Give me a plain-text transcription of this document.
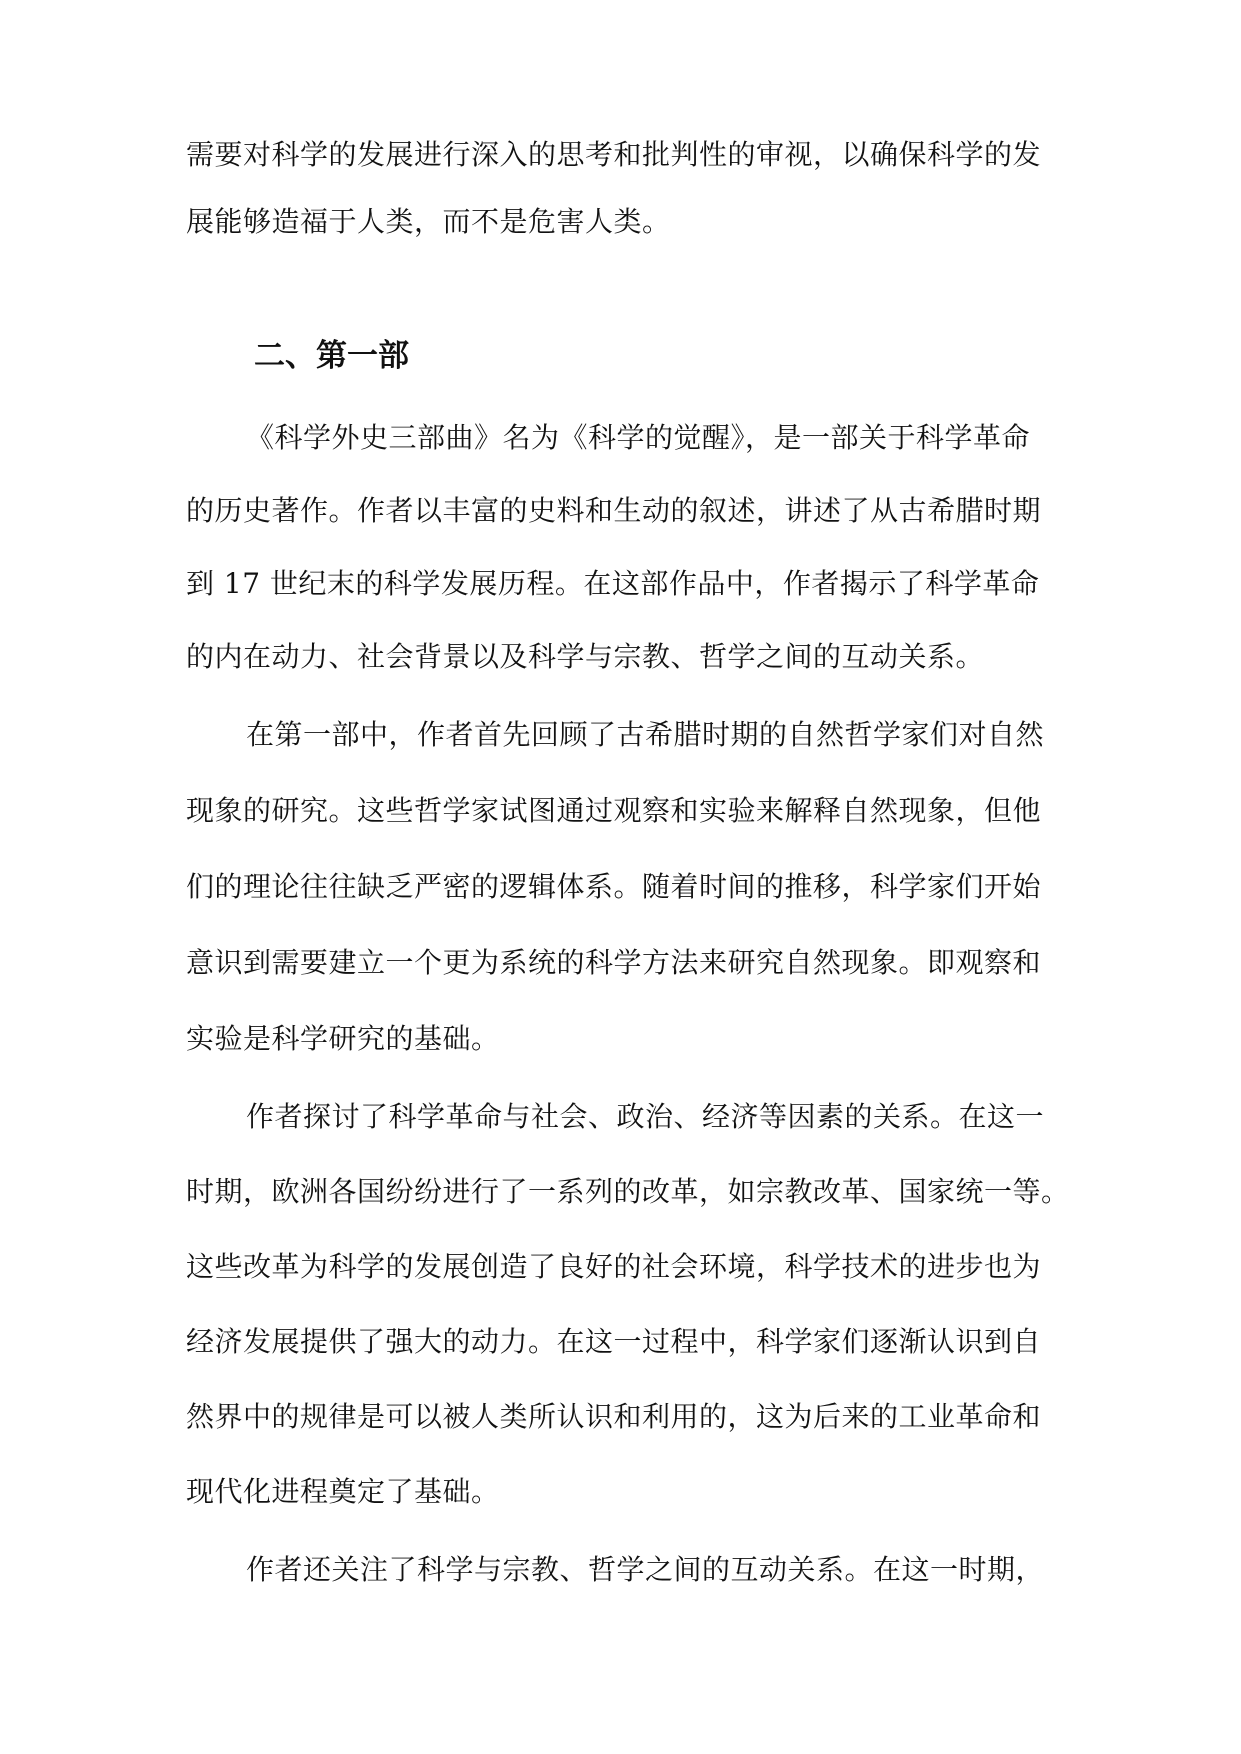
需要对科学的发展进行深入的思考和批判性的审视，以确保科学的发
展能够造福于人类，而不是危害人类。
二、第一部
《科学外史三部曲》名为《科学的觉醒》，是一部关于科学革命
的历史著作。作者以丰富的史料和生动的叙述，讲述了从古希腊时期
到 17 世纪末的科学发展历程。在这部作品中，作者揭示了科学革命
的内在动力、社会背景以及科学与宗教、哲学之间的互动关系。
在第一部中，作者首先回顾了古希腊时期的自然哲学家们对自然
现象的研究。这些哲学家试图通过观察和实验来解释自然现象，但他
们的理论往往缺乏严密的逻辑体系。随着时间的推移，科学家们开始
意识到需要建立一个更为系统的科学方法来研究自然现象。即观察和
实验是科学研究的基础。
作者探讨了科学革命与社会、政治、经济等因素的关系。在这一
时期，欧洲各国纷纷进行了一系列的改革，如宗教改革、国家统一等。
这些改革为科学的发展创造了良好的社会环境，科学技术的进步也为
经济发展提供了强大的动力。在这一过程中，科学家们逐渐认识到自
然界中的规律是可以被人类所认识和利用的，这为后来的工业革命和
现代化进程奠定了基础。
作者还关注了科学与宗教、哲学之间的互动关系。在这一时期，
